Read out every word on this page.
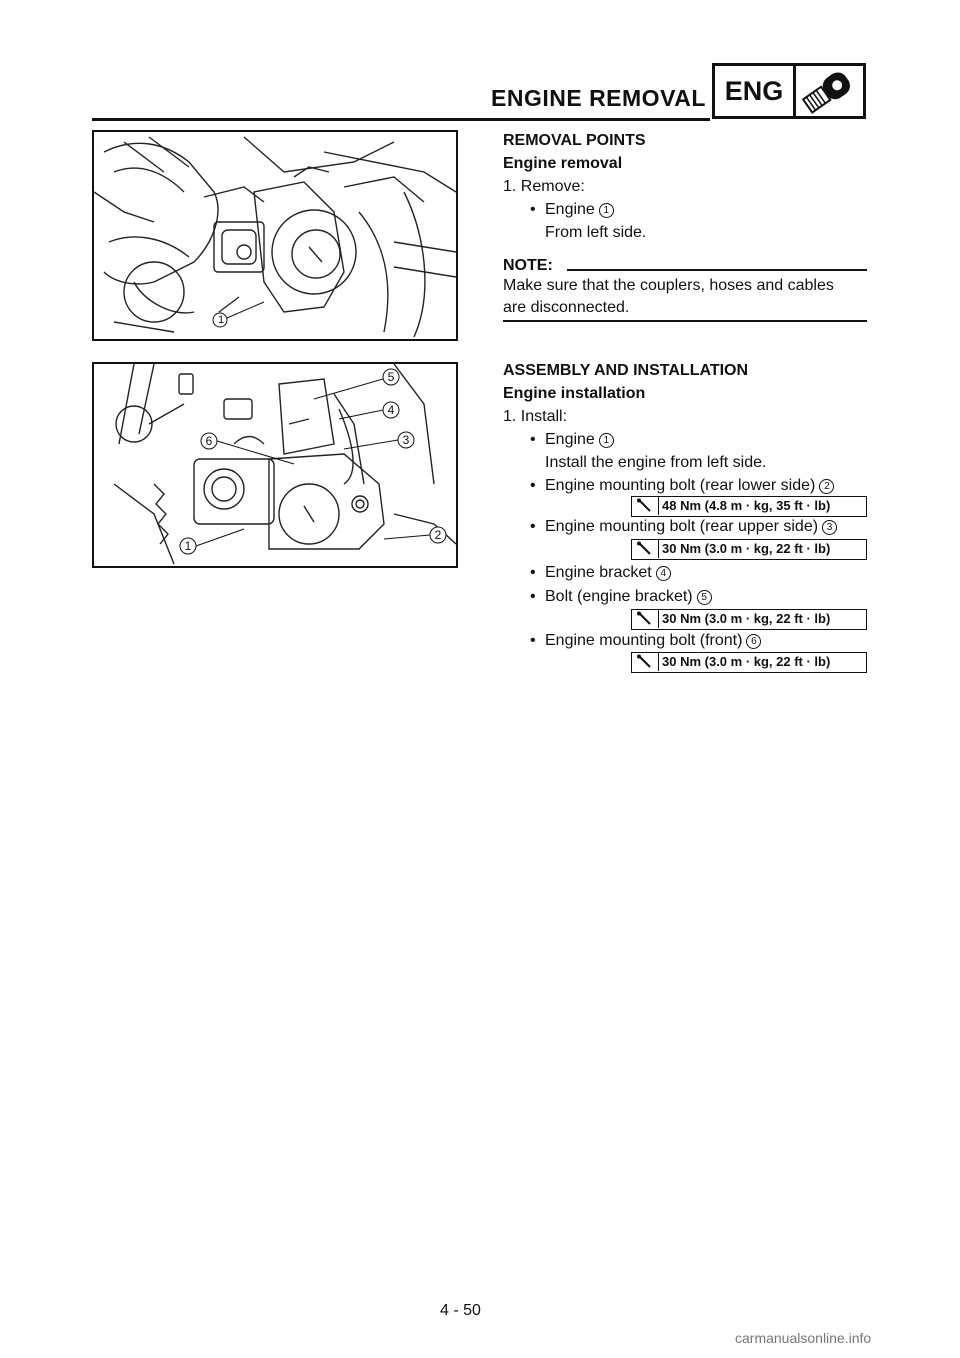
ENGINE REMOVAL ENG
1
5
4
6	3
1
2
REMOVAL POINTS
Engine removal
1. Remove:
• Engine 1
From left side.
NOTE:
Make sure that the couplers, hoses and cables
are disconnected.
ASSEMBLY AND INSTALLATION
Engine installation
1. Install:
• Engine 1
Install the engine from left side.
• Engine mounting bolt (rear lower side) 2
48 Nm (4.8 m · kg, 35 ft · lb)
• Engine mounting bolt (rear upper side) 3
30 Nm (3.0 m · kg, 22 ft · lb)
• Engine bracket 4
• Bolt (engine bracket) 5
30 Nm (3.0 m · kg, 22 ft · lb)
• Engine mounting bolt (front) 6
30 Nm (3.0 m · kg, 22 ft · lb)
4 - 50
carmanualsonline.info
